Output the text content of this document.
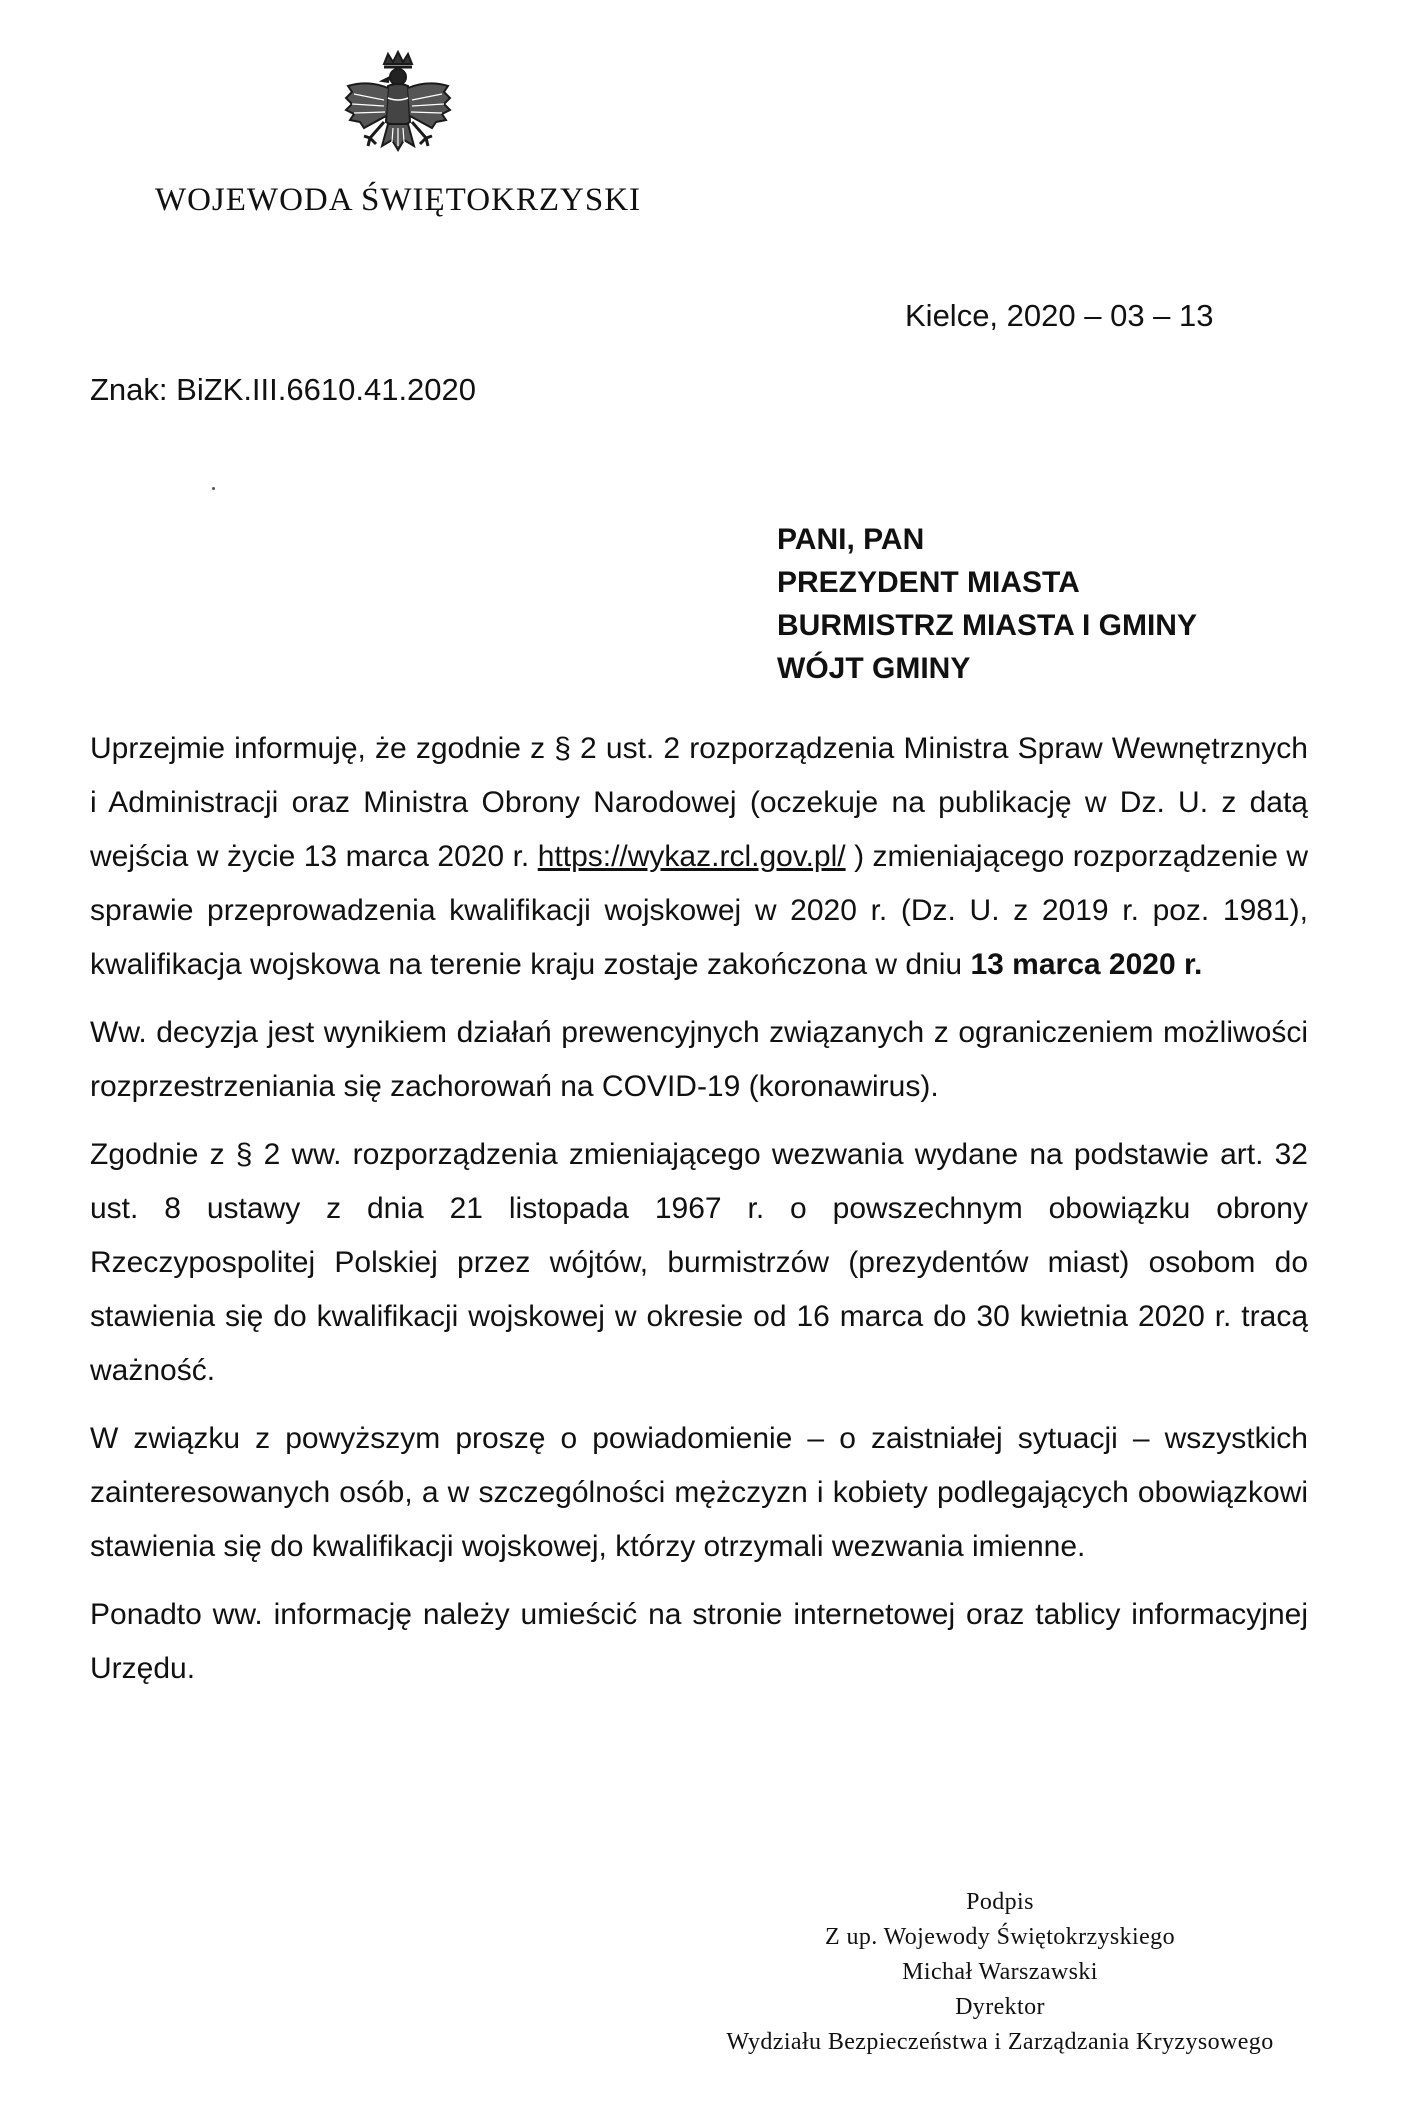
WOJEWODA ŚWIĘTOKRZYSKI
Kielce, 2020 – 03 – 13
Znak: BiZK.III.6610.41.2020
PANI, PAN
PREZYDENT MIASTA
BURMISTRZ MIASTA I GMINY
WÓJT GMINY

Uprzejmie informuję, że zgodnie z § 2 ust. 2 rozporządzenia Ministra Spraw Wewnętrznych i Administracji oraz Ministra Obrony Narodowej (oczekuje na publikację w Dz. U. z datą wejścia w życie 13 marca 2020 r. https://wykaz.rcl.gov.pl/ ) zmieniającego rozporządzenie w sprawie przeprowadzenia kwalifikacji wojskowej w 2020 r. (Dz. U. z 2019 r. poz. 1981), kwalifikacja wojskowa na terenie kraju zostaje zakończona w dniu 13 marca 2020 r.

Ww. decyzja jest wynikiem działań prewencyjnych związanych z ograniczeniem możliwości rozprzestrzeniania się zachorowań na COVID-19 (koronawirus).

Zgodnie z § 2 ww. rozporządzenia zmieniającego wezwania wydane na podstawie art. 32 ust. 8 ustawy z dnia 21 listopada 1967 r. o powszechnym obowiązku obrony Rzeczypospolitej Polskiej przez wójtów, burmistrzów (prezydentów miast) osobom do stawienia się do kwalifikacji wojskowej w okresie od 16 marca do 30 kwietnia 2020 r. tracą ważność.

W związku z powyższym proszę o powiadomienie – o zaistniałej sytuacji – wszystkich zainteresowanych osób, a w szczególności mężczyzn i kobiety podlegających obowiązkowi stawienia się do kwalifikacji wojskowej, którzy otrzymali wezwania imienne.

Ponadto ww. informację należy umieścić na stronie internetowej oraz tablicy informacyjnej Urzędu.

Podpis
Z up. Wojewody Świętokrzyskiego
Michał Warszawski
Dyrektor
Wydziału Bezpieczeństwa i Zarządzania Kryzysowego
